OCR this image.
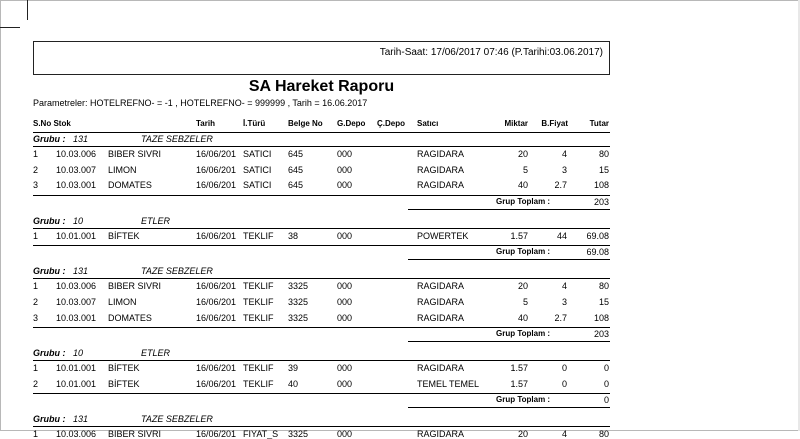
Tarih-Saat: 17/06/2017 07:46 (P.Tarihi:03.06.2017)
SA Hareket Raporu
Parametreler: HOTELREFNO- = -1 , HOTELREFNO- = 999999 , Tarih = 16.06.2017
S.No Stok	Tarih	İ.Türü	Belge No G.Depo Ç.Depo Satıcı	Miktar	B.Fiyat	Tutar
Grubu : 131	TAZE SEBZELER
1 10.03.006 BIBER SIVRI	16/06/201 SATICI 645	000	RAGIDARA	20	4	80
2 10.03.007 LIMON	16/06/201 SATICI 645	000	RAGIDARA	5	3	15
3 10.03.001 DOMATES	16/06/201 SATICI 645	000	RAGIDARA	40	2.7	108
Grup Toplam :	203
Grubu : 10	ETLER
1 10.01.001 BİFTEK	16/06/201 TEKLIF 38	000	POWERTEK	1.57	44	69.08
Grup Toplam :	69.08
Grubu : 131	TAZE SEBZELER
1 10.03.006 BIBER SIVRI	16/06/201 TEKLIF 3325	000	RAGIDARA	20	4	80
2 10.03.007 LIMON	16/06/201 TEKLIF 3325	000	RAGIDARA	5	3	15
3 10.03.001 DOMATES	16/06/201 TEKLIF 3325	000	RAGIDARA	40	2.7	108
Grup Toplam :	203
Grubu : 10	ETLER
1 10.01.001 BİFTEK	16/06/201 TEKLIF 39	000	RAGIDARA	1.57	0	0
2 10.01.001 BİFTEK	16/06/201 TEKLIF 40	000	TEMEL TEMEL	1.57	0	0
Grup Toplam :	0
Grubu : 131	TAZE SEBZELER
1 10.03.006 BIBER SIVRI	16/06/201 FIYAT_S 3325	000	RAGIDARA	20	4	80
